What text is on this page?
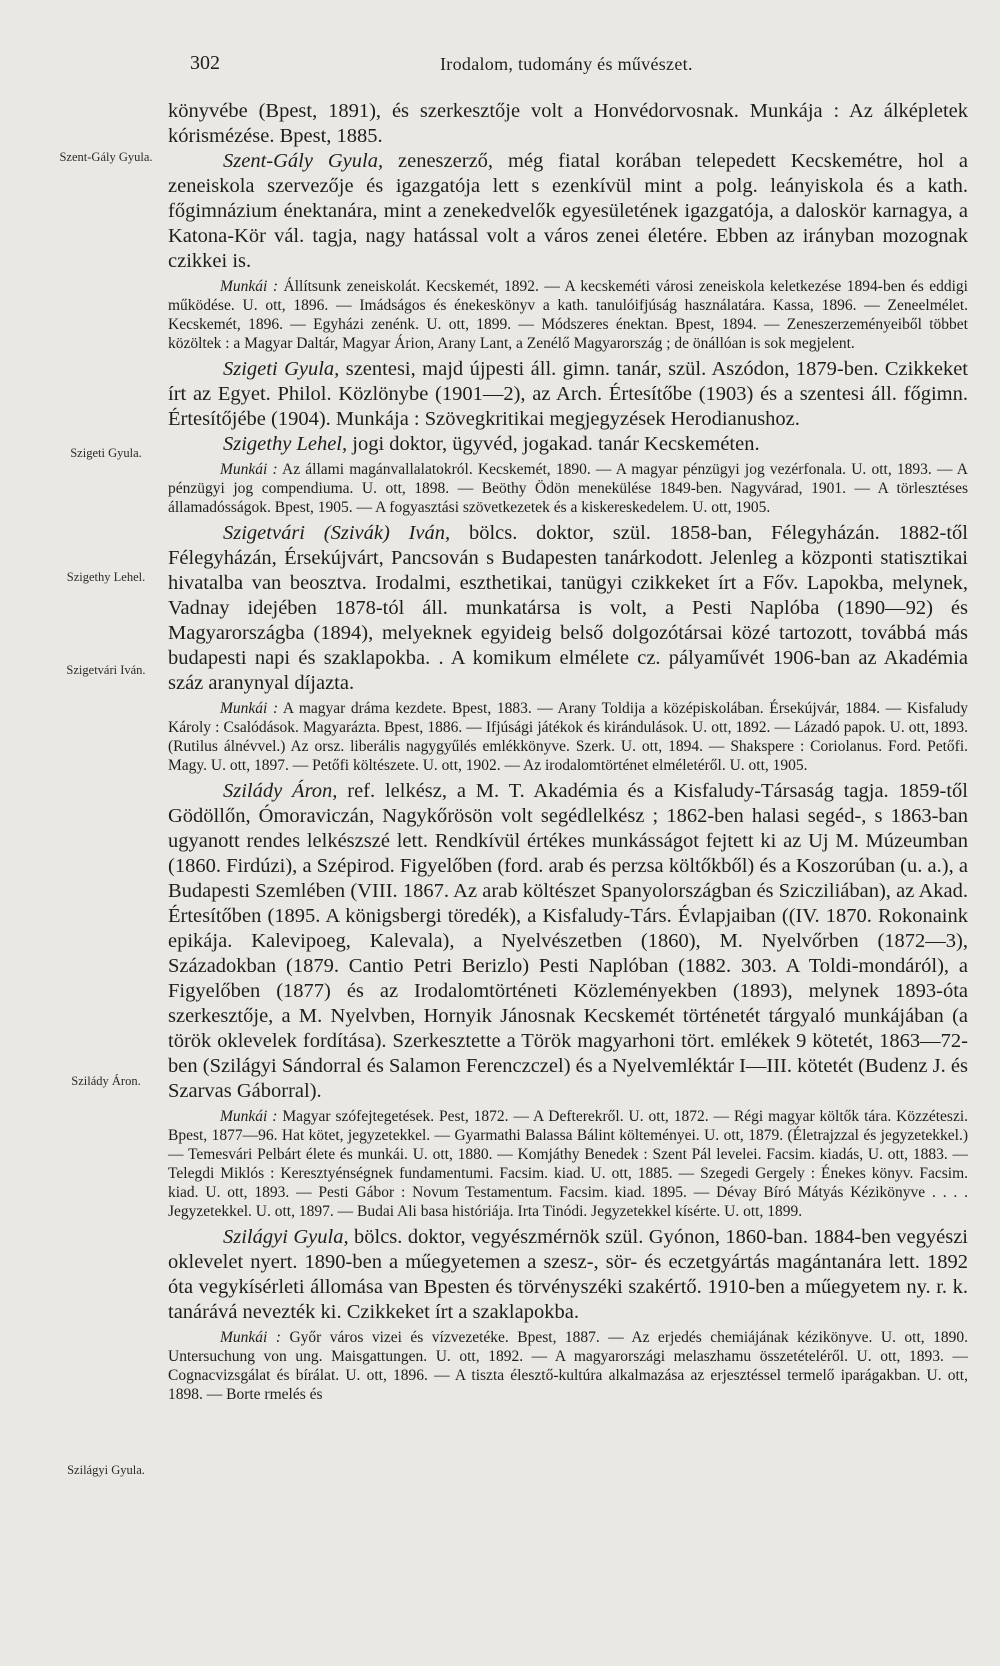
302	Irodalom, tudomány és művészet.
Szent-Gály Gyula.
Szigeti Gyula.
Szigethy Lehel.
Szigetvári Iván.
Szilády Áron.
Szilágyi Gyula.

könyvébe (Bpest, 1891), és szerkesztője volt a Honvédorvosnak. Munkája : Az álképletek kórismézése. Bpest, 1885.

Szent-Gály Gyula, zeneszerző, még fiatal korában telepedett Kecskemétre, hol a zeneiskola szervezője és igazgatója lett s ezenkívül mint a polg. leányiskola és a kath. főgimnázium énektanára, mint a zenekedvelők egyesületének igazgatója, a daloskör karnagya, a Katona-Kör vál. tagja, nagy hatással volt a város zenei életére. Ebben az irányban mozognak czikkei is.

Munkái : Állítsunk zeneiskolát. Kecskemét, 1892. — A kecskeméti városi zeneiskola keletkezése 1894-ben és eddigi működése. U. ott, 1896. — Imádságos és énekeskönyv a kath. tanulóifjúság használatára. Kassa, 1896. — Zeneelmélet. Kecskemét, 1896. — Egyházi zenénk. U. ott, 1899. — Módszeres énektan. Bpest, 1894. — Zeneszerzeményeiből többet közöltek : a Magyar Daltár, Magyar Árion, Arany Lant, a Zenélő Magyarország ; de önállóan is sok megjelent.

Szigeti Gyula, szentesi, majd újpesti áll. gimn. tanár, szül. Aszódon, 1879-ben. Czikkeket írt az Egyet. Philol. Közlönybe (1901—2), az Arch. Értesítőbe (1903) és a szentesi áll. főgimn. Értesítőjébe (1904). Munkája : Szövegkritikai megjegyzések Herodianushoz.

Szigethy Lehel, jogi doktor, ügyvéd, jogakad. tanár Kecskeméten.

Munkái : Az állami magánvallalatokról. Kecskemét, 1890. — A magyar pénzügyi jog vezérfonala. U. ott, 1893. — A pénzügyi jog compendiuma. U. ott, 1898. — Beöthy Ödön menekülése 1849-ben. Nagyvárad, 1901. — A törlesztéses államadósságok. Bpest, 1905. — A fogyasztási szövetkezetek és a kiskereskedelem. U. ott, 1905.

Szigetvári (Szivák) Iván, bölcs. doktor, szül. 1858-ban, Félegyházán. 1882-től Félegyházán, Érsekújvárt, Pancsován s Budapesten tanárkodott. Jelenleg a központi statisztikai hivatalba van beosztva. Irodalmi, eszthetikai, tanügyi czikkeket írt a Főv. Lapokba, melynek, Vadnay idejében 1878-tól áll. munkatársa is volt, a Pesti Naplóba (1890—92) és Magyarországba (1894), melyeknek egyideig belső dolgozótársai közé tartozott, továbbá más budapesti napi és szaklapokba. . A komikum elmélete cz. pályaművét 1906-ban az Akadémia száz aranynyal díjazta.

Munkái : A magyar dráma kezdete. Bpest, 1883. — Arany Toldija a középiskolában. Érsekújvár, 1884. — Kisfaludy Károly : Csalódások. Magyarázta. Bpest, 1886. — Ifjúsági játékok és kirándulások. U. ott, 1892. — Lázadó papok. U. ott, 1893. (Rutilus álnévvel.) Az orsz. liberális nagygyűlés emlékkönyve. Szerk. U. ott, 1894. — Shakspere : Coriolanus. Ford. Petőfi. Magy. U. ott, 1897. — Petőfi költészete. U. ott, 1902. — Az irodalomtörténet elméletéről. U. ott, 1905.

Szilády Áron, ref. lelkész, a M. T. Akadémia és a Kisfaludy-Társaság tagja. 1859-től Gödöllőn, Ómoraviczán, Nagykőrösön volt segédlelkész ; 1862-ben halasi segéd-, s 1863-ban ugyanott rendes lelkészszé lett. Rendkívül értékes munkásságot fejtett ki az Uj M. Múzeumban (1860. Firdúzi), a Szépirod. Figyelőben (ford. arab és perzsa költőkből) és a Koszorúban (u. a.), a Budapesti Szemlében (VIII. 1867. Az arab költészet Spanyolországban és Szicziliában), az Akad. Értesítőben (1895. A königsbergi töredék), a Kisfaludy-Társ. Évlapjaiban ((IV. 1870. Rokonaink epikája. Kalevipoeg, Kalevala), a Nyelvészetben (1860), M. Nyelvőrben (1872—3), Századokban (1879. Cantio Petri Berizlo) Pesti Naplóban (1882. 303. A Toldi-mondáról), a Figyelőben (1877) és az Irodalomtörténeti Közleményekben (1893), melynek 1893-óta szerkesztője, a M. Nyelvben, Hornyik Jánosnak Kecskemét történetét tárgyaló munkájában (a török oklevelek fordítása). Szerkesztette a Török magyarhoni tört. emlékek 9 kötetét, 1863—72-ben (Szilágyi Sándorral és Salamon Ferenczczel) és a Nyelvemléktár I—III. kötetét (Budenz J. és Szarvas Gáborral).

Munkái : Magyar szófejtegetések. Pest, 1872. — A Defterekről. U. ott, 1872. — Régi magyar költők tára. Közzéteszi. Bpest, 1877—96. Hat kötet, jegyzetekkel. — Gyarmathi Balassa Bálint költeményei. U. ott, 1879. (Életrajzzal és jegyzetekkel.) — Temesvári Pelbárt élete és munkái. U. ott, 1880. — Komjáthy Benedek : Szent Pál levelei. Facsim. kiadás, U. ott, 1883. — Telegdi Miklós : Keresztyénségnek fundamentumi. Facsim. kiad. U. ott, 1885. — Szegedi Gergely : Énekes könyv. Facsim. kiad. U. ott, 1893. — Pesti Gábor : Novum Testamentum. Facsim. kiad. 1895. — Dévay Bíró Mátyás Kézikönyve . . . . Jegyzetekkel. U. ott, 1897. — Budai Ali basa históriája. Irta Tinódi. Jegyzetekkel kísérte. U. ott, 1899.

Szilágyi Gyula, bölcs. doktor, vegyészmérnök szül. Gyónon, 1860-ban. 1884-ben vegyészi oklevelet nyert. 1890-ben a műegyetemen a szesz-, sör- és eczetgyártás magántanára lett. 1892 óta vegykísérleti állomása van Bpesten és törvényszéki szakértő. 1910-ben a műegyetem ny. r. k. tanárává nevezték ki. Czikkeket írt a szaklapokba.

Munkái : Győr város vizei és vízvezetéke. Bpest, 1887. — Az erjedés chemiájának kézikönyve. U. ott, 1890. Untersuchung von ung. Maisgattungen. U. ott, 1892. — A magyarországi melaszhamu összetételéről. U. ott, 1893. — Cognacvizsgálat és bírálat. U. ott, 1896. — A tiszta élesztő-kultúra alkalmazása az erjesztéssel termelő iparágakban. U. ott, 1898. — Borte rmelés és
